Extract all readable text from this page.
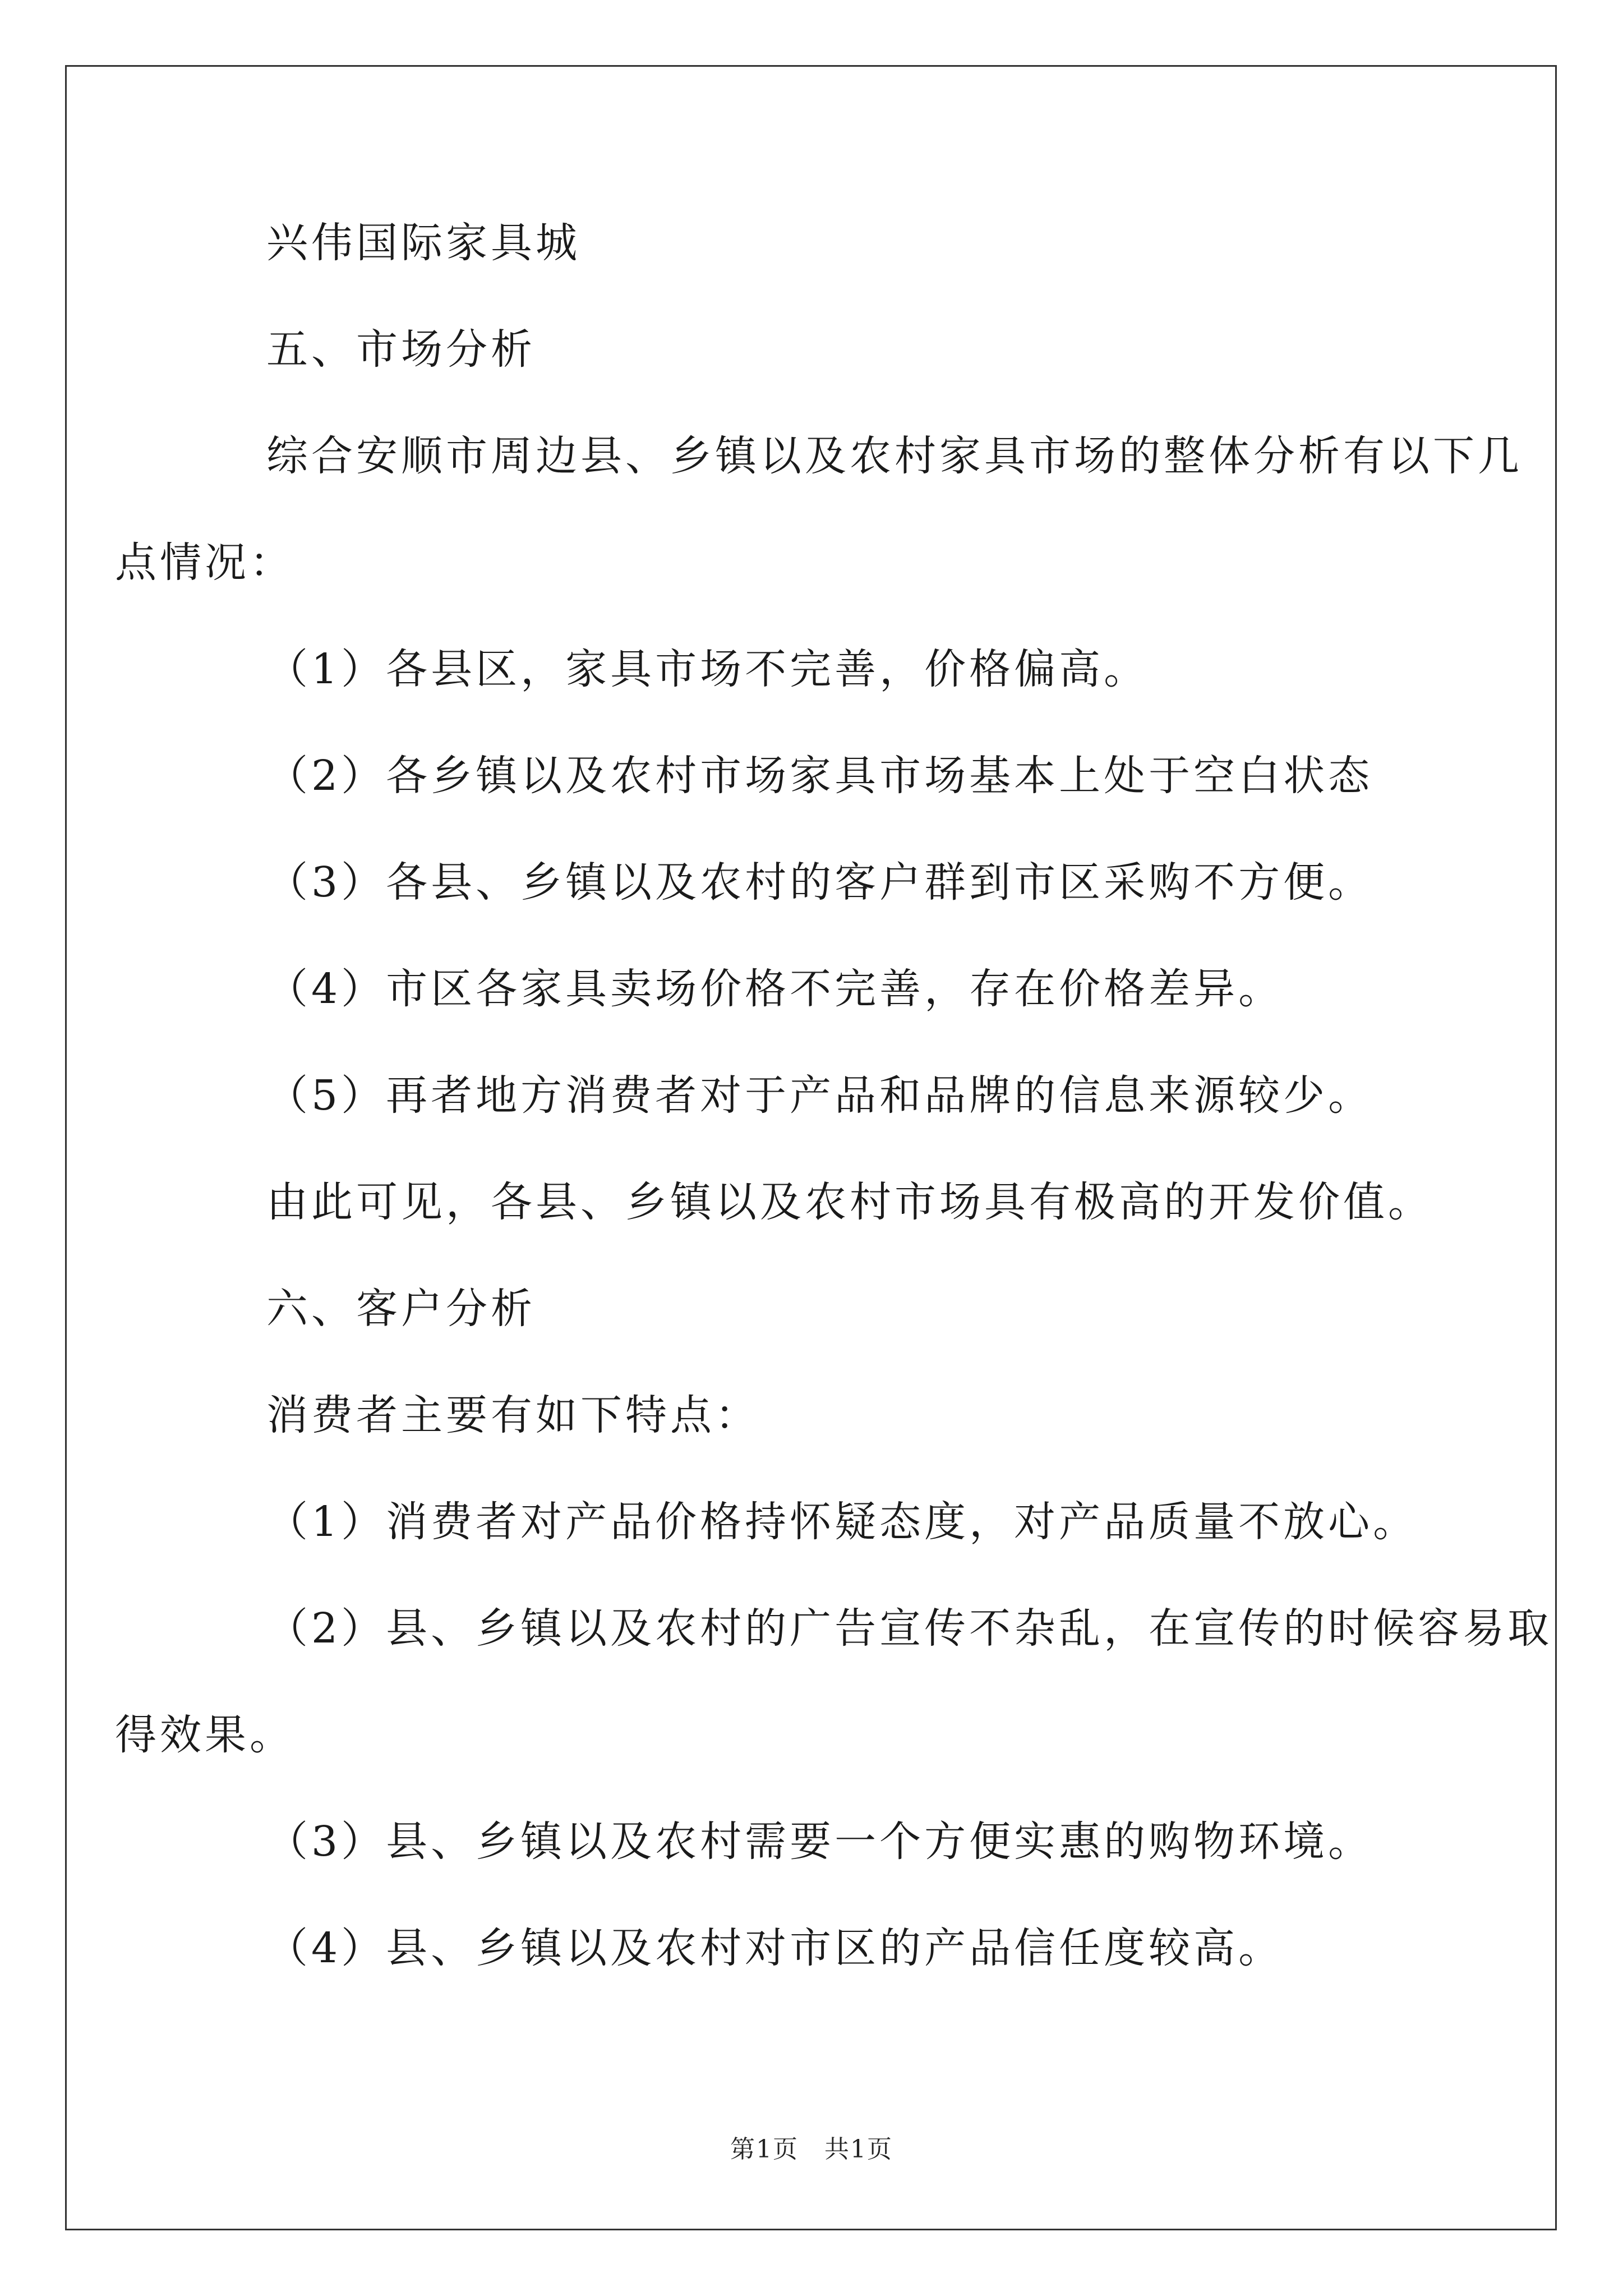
兴伟国际家具城

五、市场分析

综合安顺市周边县、乡镇以及农村家具市场的整体分析有以下几

点情况：

（1）各县区，家具市场不完善，价格偏高。

（2）各乡镇以及农村市场家具市场基本上处于空白状态

（3）各县、乡镇以及农村的客户群到市区采购不方便。

（4）市区各家具卖场价格不完善，存在价格差异。

（5）再者地方消费者对于产品和品牌的信息来源较少。

由此可见，各县、乡镇以及农村市场具有极高的开发价值。

六、客户分析

消费者主要有如下特点：

（1）消费者对产品价格持怀疑态度，对产品质量不放心。

（2）县、乡镇以及农村的广告宣传不杂乱，在宣传的时候容易取

得效果。

（3）县、乡镇以及农村需要一个方便实惠的购物环境。

（4）县、乡镇以及农村对市区的产品信任度较高。

第1页　共1页
